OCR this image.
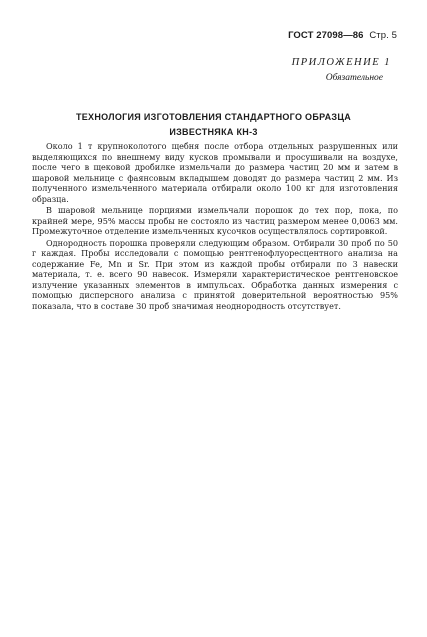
ГОСТ 27098—86 Стр. 5
ПРИЛОЖЕНИЕ 1
Обязательное
ТЕХНОЛОГИЯ ИЗГОТОВЛЕНИЯ СТАНДАРТНОГО ОБРАЗЦА
ИЗВЕСТНЯКА КН-3

Около 1 т крупноколотого щебня после отбора отдельных разрушенных или выделяющихся по внешнему виду кусков промывали и просушивали на воздухе, после чего в щековой дробилке измельчали до размера частиц 20 мм и затем в шаровой мельнице с фаянсовым вкладышем доводят до размера частиц 2 мм. Из полученного измельченного материала отбирали около 100 кг для изготовления образца.

В шаровой мельнице порциями измельчали порошок до тех пор, пока, по крайней мере, 95% массы пробы не состояло из частиц размером менее 0,0063 мм. Промежуточное отделение измельченных кусочков осуществлялось сортировкой.

Однородность порошка проверяли следующим образом. Отбирали 30 проб по 50 г каждая. Пробы исследовали с помощью рентгенофлуоресцентного анализа на содержание Fe, Mn и Sr. При этом из каждой пробы отбирали по 3 навески материала, т. е. всего 90 навесок. Измеряли характеристическое рентгеновское излучение указанных элементов в импульсах. Обработка данных измерения с помощью дисперсного анализа с принятой доверительной вероятностью 95% показала, что в составе 30 проб значимая неоднородность отсутствует.
